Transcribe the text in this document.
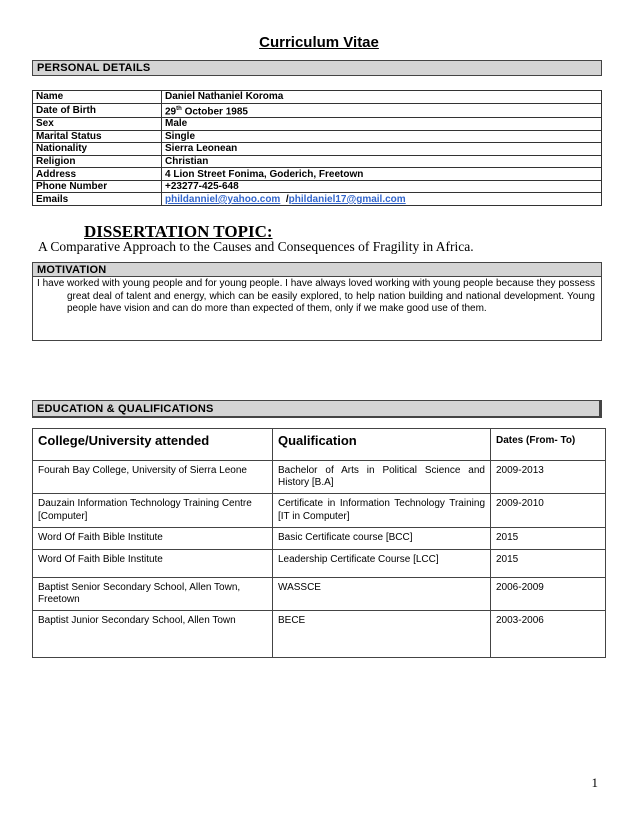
Curriculum Vitae
PERSONAL DETAILS
Name	Daniel Nathaniel Koroma
Date of Birth	29th October 1985
Sex	Male
Marital Status	Single
Nationality	Sierra Leonean
Religion	Christian
Address	4 Lion Street Fonima, Goderich, Freetown
Phone Number	+23277-425-648
Emails	phildanniel@yahoo.com  /phildaniel17@gmail.com
DISSERTATION TOPIC:
A Comparative Approach to the Causes and Consequences of Fragility in Africa.
MOTIVATION

I have worked with young people and for young people. I have always loved working with young people because they possess great deal of talent and energy, which can be easily explored, to help nation building and national development. Young people have vision and can do more than expected of them, only if we make good use of them.

EDUCATION & QUALIFICATIONS
College/University attended	Qualification	Dates (From- To)
Fourah Bay College, University of Sierra Leone	Bachelor of Arts in Political Science and History [B.A]	2009-2013
Dauzain Information Technology Training Centre [Computer]	Certificate in Information Technology Training [IT in Computer]	2009-2010
Word Of Faith Bible Institute	Basic Certificate course [BCC]	2015
Word Of Faith Bible Institute	Leadership Certificate Course [LCC]	2015
Baptist Senior Secondary School, Allen Town, Freetown	WASSCE	2006-2009
Baptist Junior Secondary School, Allen Town	BECE	2003-2006
1
